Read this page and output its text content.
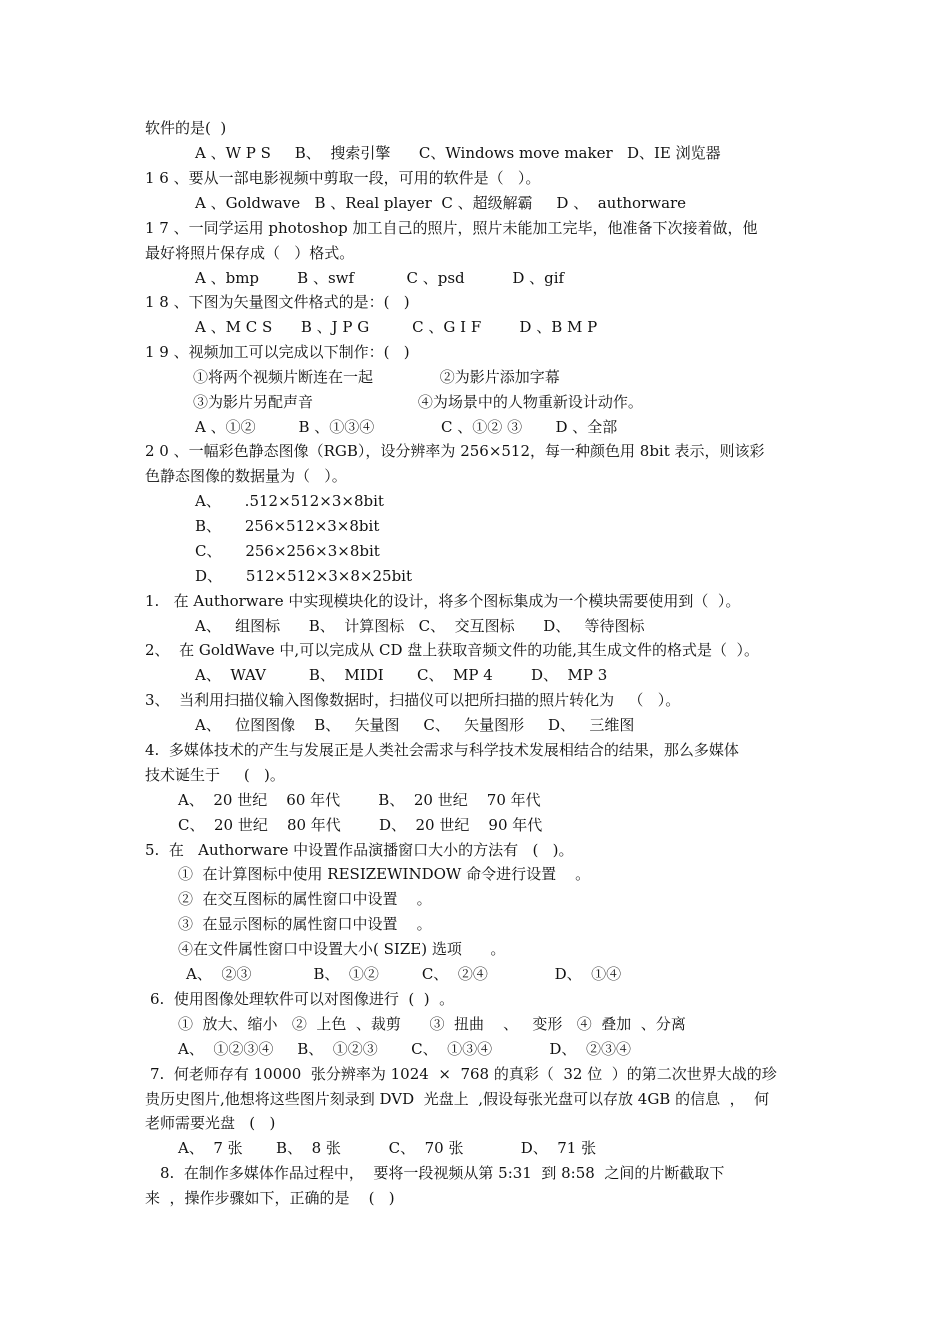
软件的是(  )
A 、W P S     B、  搜索引擎      C、Windows move maker   D、IE 浏览器
1 6 、要从一部电影视频中剪取一段，可用的软件是（   ）。
A 、Goldwave   B 、Real player  C 、超级解霸     D 、  authorware
1 7 、一同学运用 photoshop 加工自己的照片，照片未能加工完毕，他准备下次接着做，他
最好将照片保存成（   ）格式。
A 、bmp        B 、swf           C 、psd          D 、gif
1 8 、下图为矢量图文件格式的是：(   )
A 、M C S      B 、J P G         C 、G I F        D 、B M P
1 9 、视频加工可以完成以下制作：(   )
①将两个视频片断连在一起              ②为影片添加字幕
③为影片另配声音                      ④为场景中的人物重新设计动作。
A 、①②         B 、①③④              C 、①② ③       D 、全部
2 0 、一幅彩色静态图像（RGB），设分辨率为 256×512，每一种颜色用 8bit 表示，则该彩
色静态图像的数据量为（   ）。
A、     .512×512×3×8bit
B、     256×512×3×8bit
C、     256×256×3×8bit
D、     512×512×3×8×25bit
1.   在 Authorware 中实现模块化的设计，将多个图标集成为一个模块需要使用到（  ）。
A、   组图标      B、  计算图标   C、  交互图标      D、   等待图标
2、  在 GoldWave 中,可以完成从 CD 盘上获取音频文件的功能,其生成文件的格式是（  ）。
A、  WAV         B、  MIDI       C、  MP 4        D、  MP 3
3、  当利用扫描仪输入图像数据时，扫描仪可以把所扫描的照片转化为   （   ）。
A、   位图图像    B、   矢量图     C、   矢量图形     D、   三维图
4.  多媒体技术的产生与发展正是人类社会需求与科学技术发展相结合的结果，那么多媒体
技术诞生于     (   )。
A、  20 世纪    60 年代        B、  20 世纪    70 年代
C、  20 世纪    80 年代        D、  20 世纪    90 年代
5.  在   Authorware 中设置作品演播窗口大小的方法有   (   )。
①  在计算图标中使用 RESIZEWINDOW 命令进行设置    。
②  在交互图标的属性窗口中设置    。
③  在显示图标的属性窗口中设置    。
④在文件属性窗口中设置大小( SIZE) 选项      。
A、  ②③             B、  ①②         C、  ②④              D、  ①④
6.  使用图像处理软件可以对图像进行  (  )  。
①  放大、缩小   ②  上色  、裁剪      ③  扭曲    、   变形   ④  叠加  、分离
A、  ①②③④     B、  ①②③       C、  ①③④            D、  ②③④
7.  何老师存有 10000  张分辨率为 1024  ×  768 的真彩（  32 位  ）的第二次世界大战的珍
贵历史图片,他想将这些图片刻录到 DVD  光盘上  ,假设每张光盘可以存放 4GB 的信息  ，  何
老师需要光盘   (   )
A、  7 张       B、  8 张          C、  70 张            D、  71 张
8.  在制作多媒体作品过程中，  要将一段视频从第 5:31  到 8:58  之间的片断截取下
来  ，操作步骤如下，正确的是    (   )
